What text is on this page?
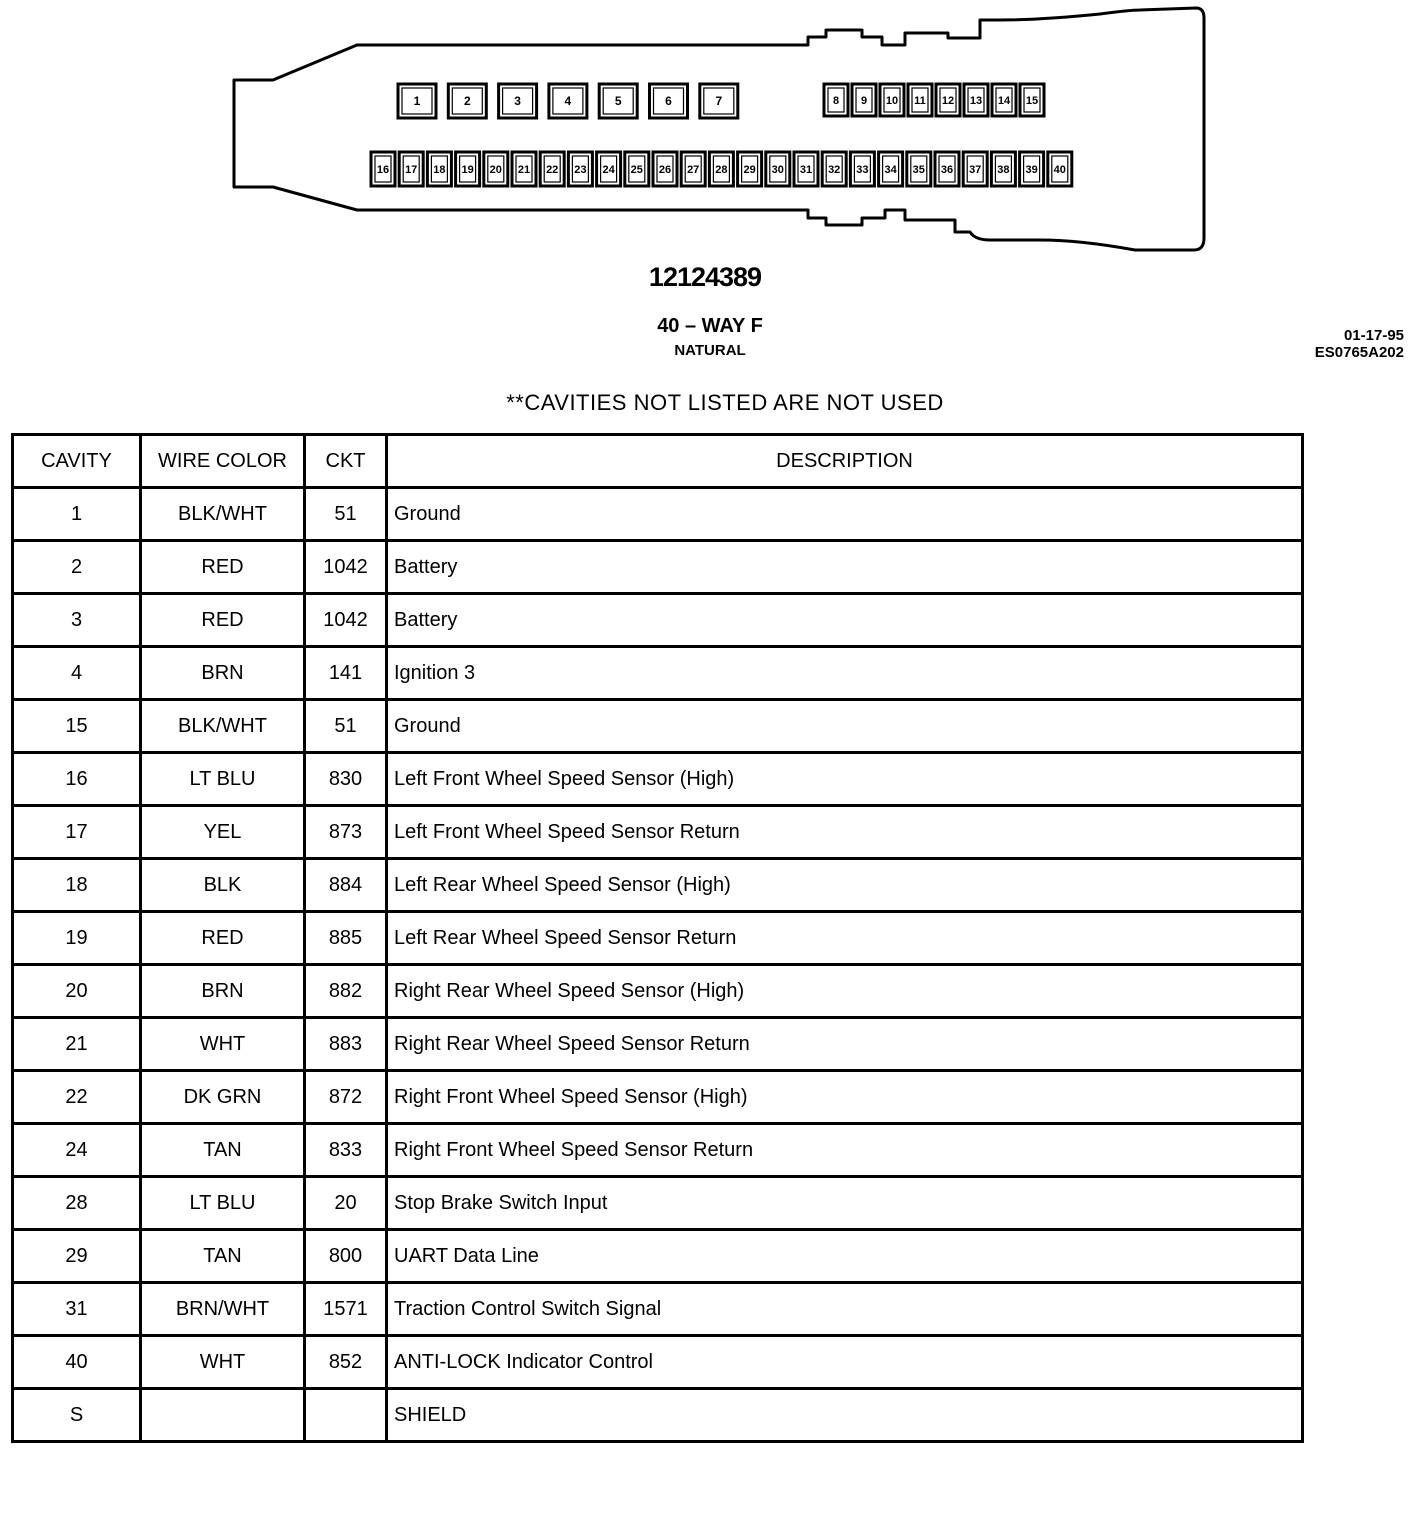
1	2	3	4	5	6	7	8 9 10 11 12 13 14 15
16 17 18 19 20 21 22 23 24 25 26 27 28 29 30 31 32 33 34 35 36 37 38 39 40
12124389
40 – WAY F
NATURAL
01-17-95
ES0765A202
**CAVITIES NOT LISTED ARE NOT USED
CAVITY	WIRE COLOR	CKT	DESCRIPTION
1	BLK/WHT	51	Ground
2	RED	1042	Battery
3	RED	1042	Battery
4	BRN	141	Ignition 3
15	BLK/WHT	51	Ground
16	LT BLU	830	Left Front Wheel Speed Sensor (High)
17	YEL	873	Left Front Wheel Speed Sensor Return
18	BLK	884	Left Rear Wheel Speed Sensor (High)
19	RED	885	Left Rear Wheel Speed Sensor Return
20	BRN	882	Right Rear Wheel Speed Sensor (High)
21	WHT	883	Right Rear Wheel Speed Sensor Return
22	DK GRN	872	Right Front Wheel Speed Sensor (High)
24	TAN	833	Right Front Wheel Speed Sensor Return
28	LT BLU	20	Stop Brake Switch Input
29	TAN	800	UART Data Line
31	BRN/WHT	1571	Traction Control Switch Signal
40	WHT	852	ANTI-LOCK Indicator Control
S			SHIELD
